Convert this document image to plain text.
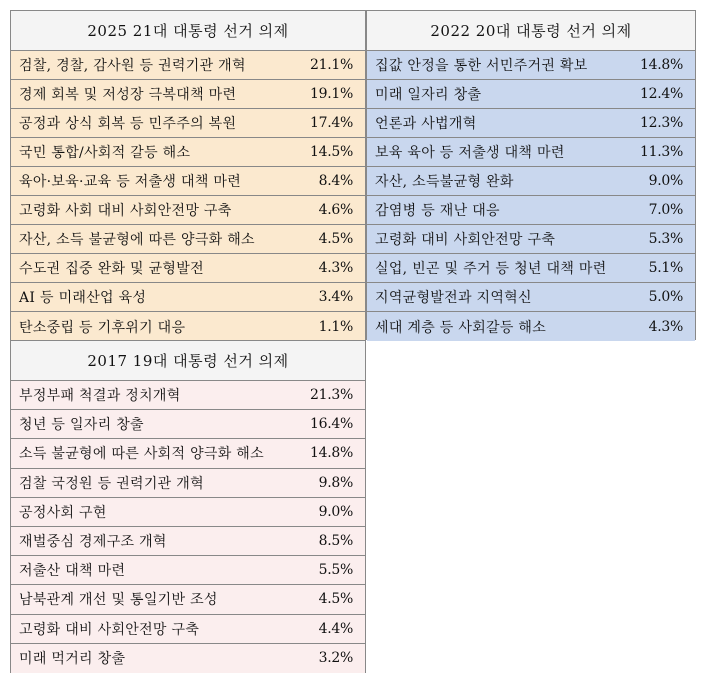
2025 21대 대통령 선거 의제
검찰, 경찰, 감사원 등 권력기관 개혁	21.1%
경제 회복 및 저성장 극복대책 마련	19.1%
공정과 상식 회복 등 민주주의 복원	17.4%
국민 통합/사회적 갈등 해소	14.5%
육아·보육·교육 등 저출생 대책 마련	8.4%
고령화 사회 대비 사회안전망 구축	4.6%
자산, 소득 불균형에 따른 양극화 해소	4.5%
수도권 집중 완화 및 균형발전	4.3%
AI 등 미래산업 육성	3.4%
탄소중립 등 기후위기 대응	1.1%
2022 20대 대통령 선거 의제
집값 안정을 통한 서민주거권 확보	14.8%
미래 일자리 창출	12.4%
언론과 사법개혁	12.3%
보육 육아 등 저출생 대책 마련	11.3%
자산, 소득불균형 완화	9.0%
감염병 등 재난 대응	7.0%
고령화 대비 사회안전망 구축	5.3%
실업, 빈곤 및 주거 등 청년 대책 마련	5.1%
지역균형발전과 지역혁신	5.0%
세대 계층 등 사회갈등 해소	4.3%
2017 19대 대통령 선거 의제
부정부패 척결과 정치개혁	21.3%
청년 등 일자리 창출	16.4%
소득 불균형에 따른 사회적 양극화 해소	14.8%
검찰 국정원 등 권력기관 개혁	9.8%
공정사회 구현	9.0%
재벌중심 경제구조 개혁	8.5%
저출산 대책 마련	5.5%
남북관계 개선 및 통일기반 조성	4.5%
고령화 대비 사회안전망 구축	4.4%
미래 먹거리 창출	3.2%
